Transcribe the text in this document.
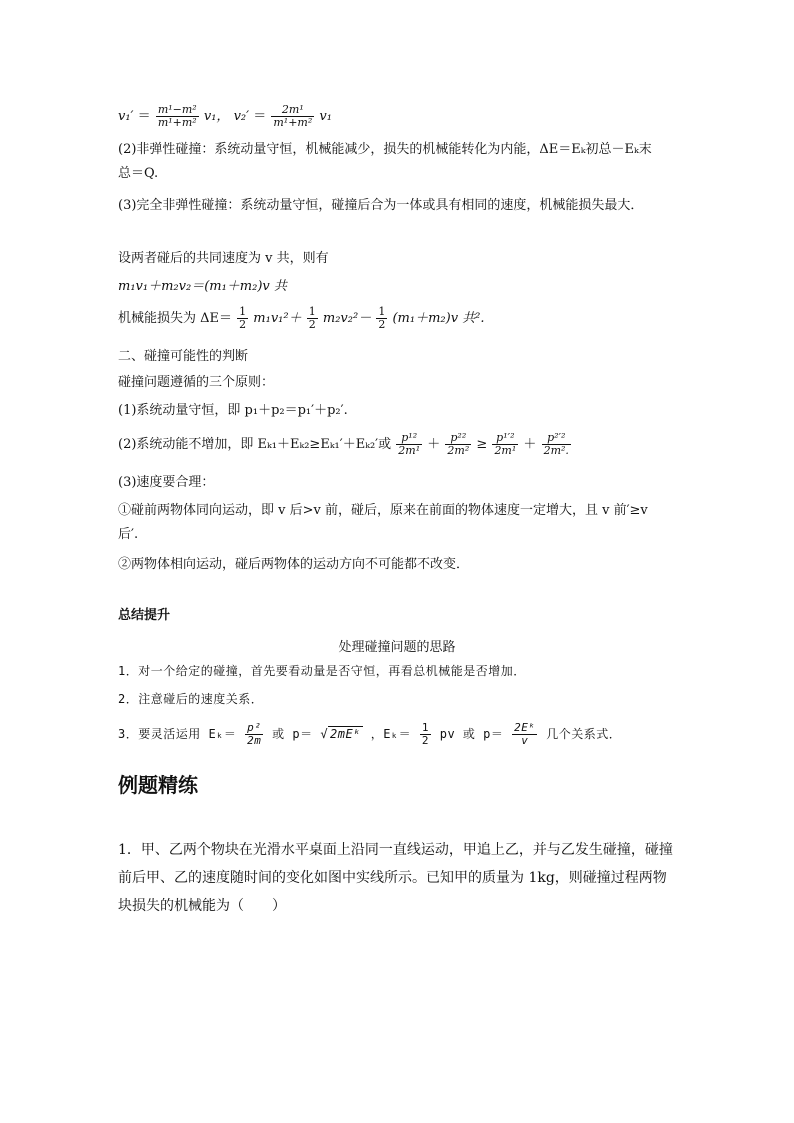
$v_1' = \frac{\text{m¹−m²}}{\text{m¹+m²}} v_1$， $v_2' = \frac{\text{2m¹}}{\text{m¹+m²}} v_1$
(2)非弹性碰撞：系统动量守恒，机械能减少，损失的机械能转化为内能，ΔE＝Eₖ初总－Eₖ末
总＝Q.
(3)完全非弹性碰撞：系统动量守恒，碰撞后合为一体或具有相同的速度，机械能损失最大．
设两者碰后的共同速度为 v 共，则有
m₁v₁＋m₂v₂＝(m₁＋m₂)v 共
机械能损失为 $\Delta E= \frac{1}{2} m_1v_1^2+ \frac{1}{2} m_2v_2^2- \frac{1}{2} (m_1+m_2)v$ 共².
二、碰撞可能性的判断
碰撞问题遵循的三个原则：
(1)系统动量守恒，即 p₁＋p₂＝p₁′＋p₂′.
(2)系统动能不增加，即 Eₖ₁＋Eₖ₂≥Eₖ₁′＋Eₖ₂′或 $\frac{\text{p¹²}}{\text{2m¹}} + \frac{\text{p²²}}{\text{2m²}} \ge \frac{\text{p¹′²}}{\text{2m¹}} + \frac{\text{p²′²}}{\text{2m².}}$
(3)速度要合理：
①碰前两物体同向运动，即 v 后>v 前，碰后，原来在前面的物体速度一定增大，且 v 前′≥v
后′.
②两物体相向运动，碰后两物体的运动方向不可能都不改变．
总结提升
处理碰撞问题的思路
1．对一个给定的碰撞，首先要看动量是否守恒，再看总机械能是否增加．
2．注意碰后的速度关系．
3．要灵活运用 $E_k= \frac{\text{p²}}{2m}$ 或 p＝ √ 2mEᵏ ，$E_k= \frac{1}{2}$ pv 或 $p= \frac{\text{2Eᵏ}}{v}$ 几个关系式．
例题精练
1．甲、乙两个物块在光滑水平桌面上沿同一直线运动，甲追上乙，并与乙发生碰撞，碰撞前后甲、乙的速度随时间的变化如图中实线所示。已知甲的质量为 1kg，则碰撞过程两物块损失的机械能为（　　）
